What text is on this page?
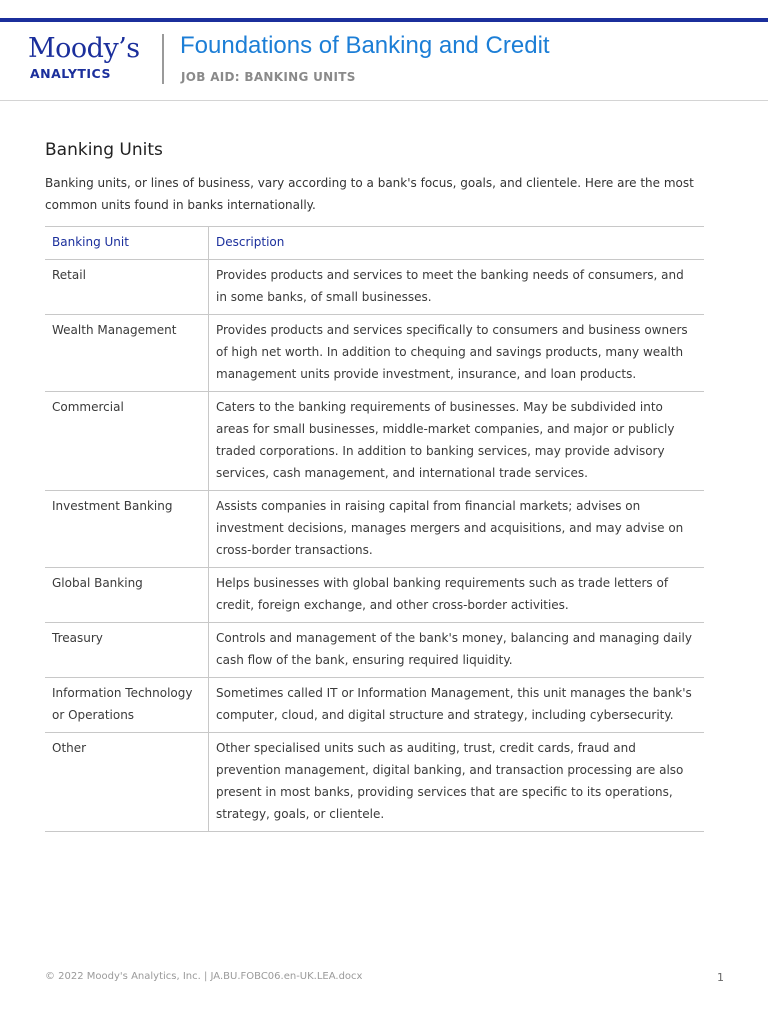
Moody’s
ANALYTICS
Foundations of Banking and Credit
JOB AID: BANKING UNITS
Banking Units
Banking units, or lines of business, vary according to a bank's focus, goals, and clientele. Here are the most common units found in banks internationally.
Banking Unit	Description
Retail	Provides products and services to meet the banking needs of consumers, and in some banks, of small businesses.
Wealth Management	Provides products and services specifically to consumers and business owners of high net worth. In addition to chequing and savings products, many wealth management units provide investment, insurance, and loan products.
Commercial	Caters to the banking requirements of businesses. May be subdivided into areas for small businesses, middle-market companies, and major or publicly traded corporations. In addition to banking services, may provide advisory services, cash management, and international trade services.
Investment Banking	Assists companies in raising capital from financial markets; advises on investment decisions, manages mergers and acquisitions, and may advise on cross-border transactions.
Global Banking	Helps businesses with global banking requirements such as trade letters of credit, foreign exchange, and other cross-border activities.
Treasury	Controls and management of the bank's money, balancing and managing daily cash flow of the bank, ensuring required liquidity.
Information Technology or Operations	Sometimes called IT or Information Management, this unit manages the bank's computer, cloud, and digital structure and strategy, including cybersecurity.
Other	Other specialised units such as auditing, trust, credit cards, fraud and prevention management, digital banking, and transaction processing are also present in most banks, providing services that are specific to its operations, strategy, goals, or clientele.
© 2022 Moody's Analytics, Inc. | JA.BU.FOBC06.en-UK.LEA.docx	1
